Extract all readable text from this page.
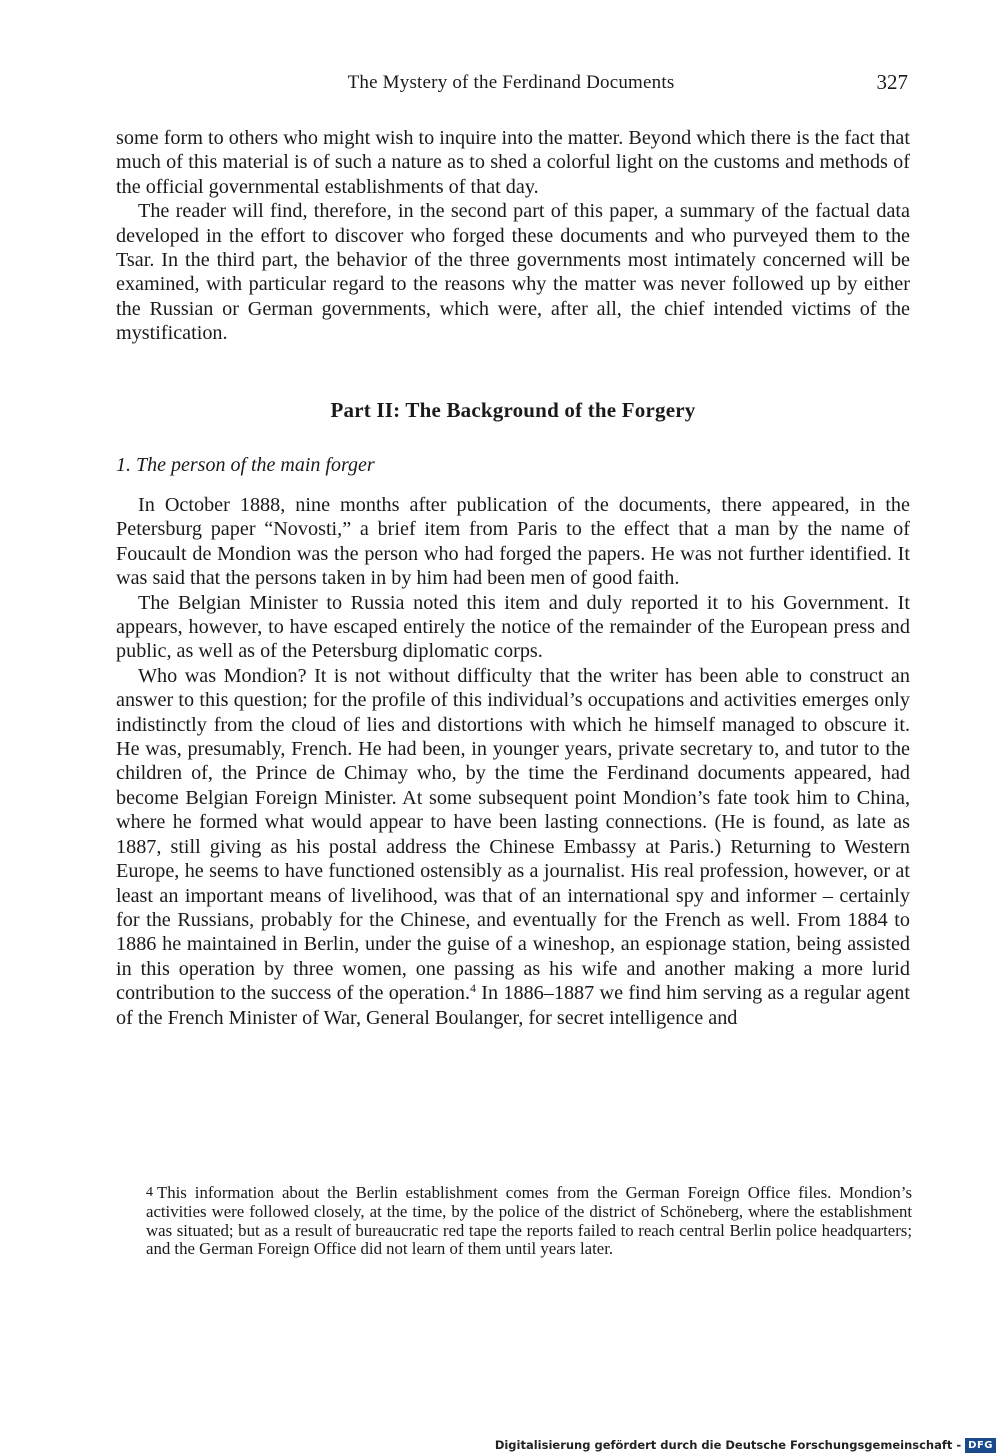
The Mystery of the Ferdinand Documents	327

some form to others who might wish to inquire into the matter. Beyond which there is the fact that much of this material is of such a nature as to shed a colorful light on the customs and methods of the official governmental establishments of that day.

The reader will find, therefore, in the second part of this paper, a summary of the factual data developed in the effort to discover who forged these documents and who purveyed them to the Tsar. In the third part, the behavior of the three governments most intimately concerned will be examined, with particular regard to the reasons why the matter was never followed up by either the Russian or German governments, which were, after all, the chief intended victims of the mystification.

Part II: The Background of the Forgery
1. The person of the main forger

In October 1888, nine months after publication of the documents, there appeared, in the Petersburg paper “Novosti,” a brief item from Paris to the effect that a man by the name of Foucault de Mondion was the person who had forged the papers. He was not further identified. It was said that the persons taken in by him had been men of good faith.

The Belgian Minister to Russia noted this item and duly reported it to his Government. It appears, however, to have escaped entirely the notice of the remainder of the European press and public, as well as of the Petersburg diplomatic corps.

Who was Mondion? It is not without difficulty that the writer has been able to construct an answer to this question; for the profile of this individual’s occupations and activities emerges only indistinctly from the cloud of lies and distortions with which he himself managed to obscure it. He was, presumably, French. He had been, in younger years, private secretary to, and tutor to the children of, the Prince de Chimay who, by the time the Ferdinand documents appeared, had become Belgian Foreign Minister. At some subsequent point Mondion’s fate took him to China, where he formed what would appear to have been lasting connections. (He is found, as late as 1887, still giving as his postal address the Chinese Embassy at Paris.) Returning to Western Europe, he seems to have functioned ostensibly as a journalist. His real profession, however, or at least an important means of livelihood, was that of an international spy and informer – certainly for the Russians, probably for the Chinese, and eventually for the French as well. From 1884 to 1886 he maintained in Berlin, under the guise of a wineshop, an espionage station, being assisted in this operation by three women, one passing as his wife and another making a more lurid contribution to the success of the operation.$^4$ In 1886–1887 we find him serving as a regular agent of the French Minister of War, General Boulanger, for secret intelligence and

4 This information about the Berlin establishment comes from the German Foreign Office files. Mondion’s activities were followed closely, at the time, by the police of the district of Schöneberg, where the establishment was situated; but as a result of bureaucratic red tape the reports failed to reach central Berlin police headquarters; and the German Foreign Office did not learn of them until years later.

Digitalisierung gefördert durch die Deutsche Forschungsgemeinschaft - DFG
